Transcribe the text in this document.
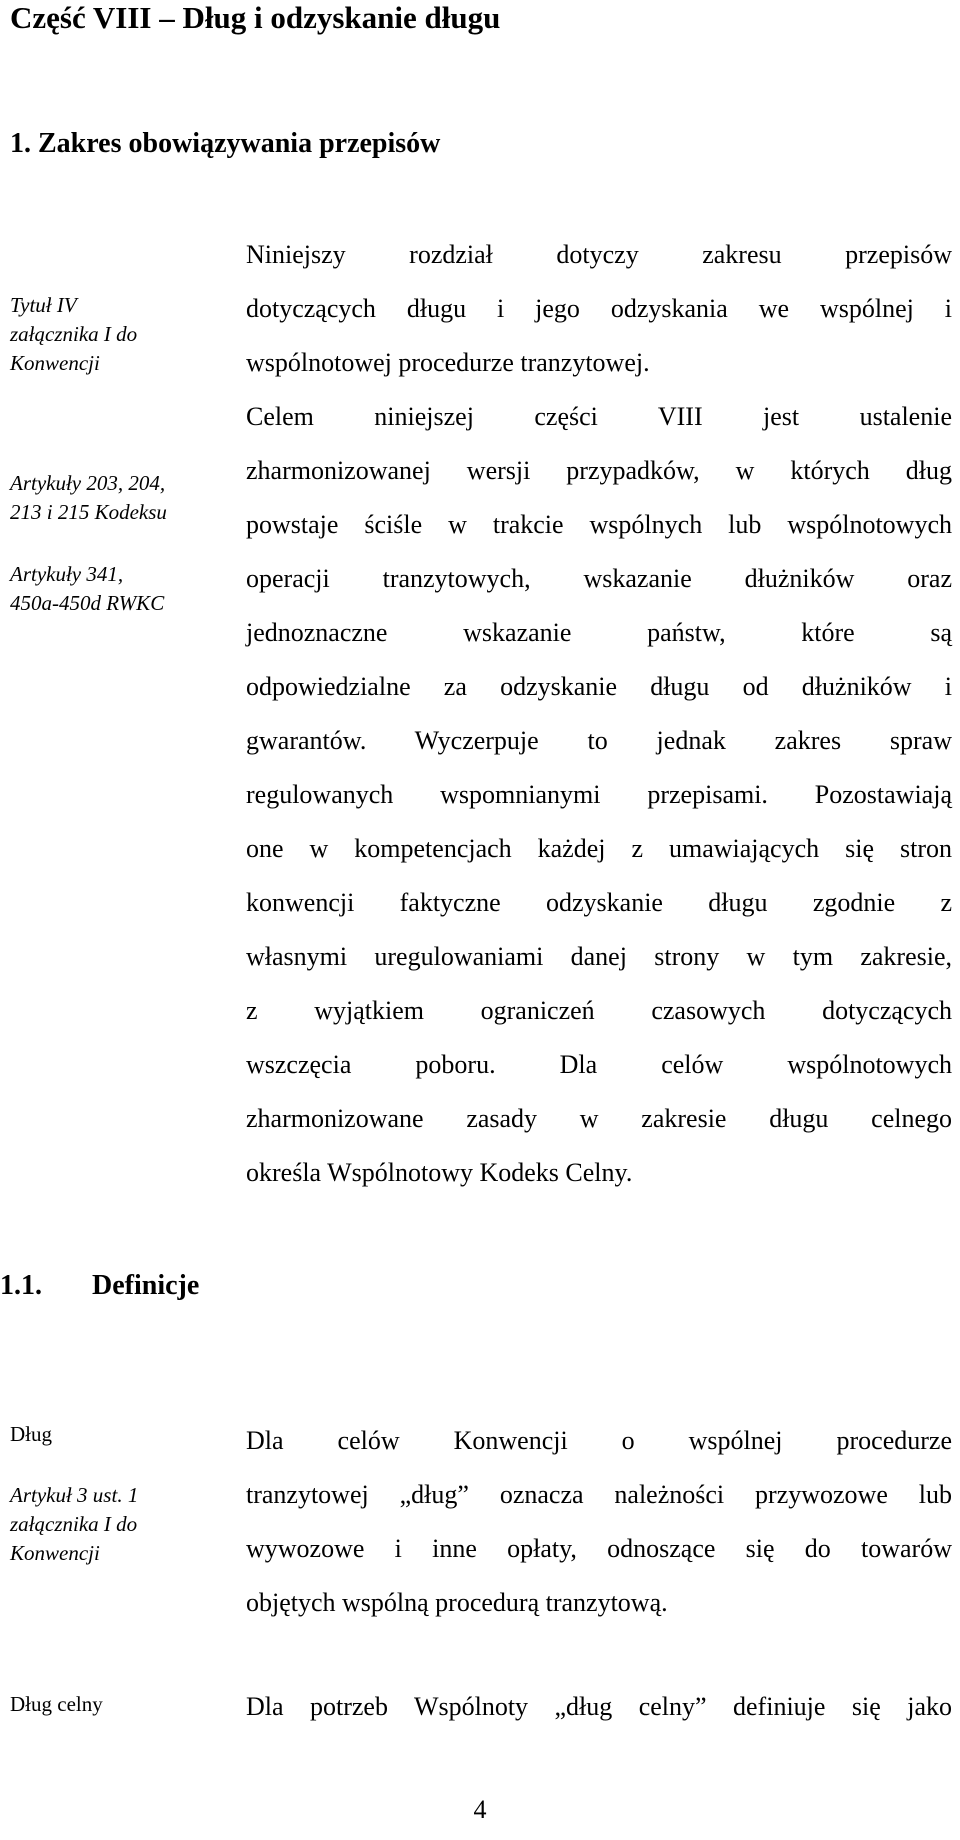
Część VIII – Dług i odzyskanie długu
1. Zakres obowiązywania przepisów
Tytuł IV
załącznika I do
Konwencji
Artykuły 203, 204,
213 i 215 Kodeksu
Artykuły 341,
450a-450d RWKC
Niniejszy rozdział dotyczy zakresu przepisów
dotyczących długu i jego odzyskania we wspólnej i
wspólnotowej procedurze tranzytowej.
Celem niniejszej części VIII jest ustalenie
zharmonizowanej wersji przypadków, w których dług
powstaje ściśle w trakcie wspólnych lub wspólnotowych
operacji tranzytowych, wskazanie dłużników oraz
jednoznaczne wskazanie państw, które są
odpowiedzialne za odzyskanie długu od dłużników i
gwarantów. Wyczerpuje to jednak zakres spraw
regulowanych wspomnianymi przepisami. Pozostawiają
one w kompetencjach każdej z umawiających się stron
konwencji faktyczne odzyskanie długu zgodnie z
własnymi uregulowaniami danej strony w tym zakresie,
z wyjątkiem ograniczeń czasowych dotyczących
wszczęcia poboru. Dla celów wspólnotowych
zharmonizowane zasady w zakresie długu celnego
określa Wspólnotowy Kodeks Celny.
1.1. Definicje
Dług
Artykuł 3 ust. 1
załącznika I do
Konwencji
Dla celów Konwencji o wspólnej procedurze
tranzytowej „dług” oznacza należności przywozowe lub
wywozowe i inne opłaty, odnoszące się do towarów
objętych wspólną procedurą tranzytową.
Dług celny	Dla potrzeb Wspólnoty „dług celny” definiuje się jako
4
